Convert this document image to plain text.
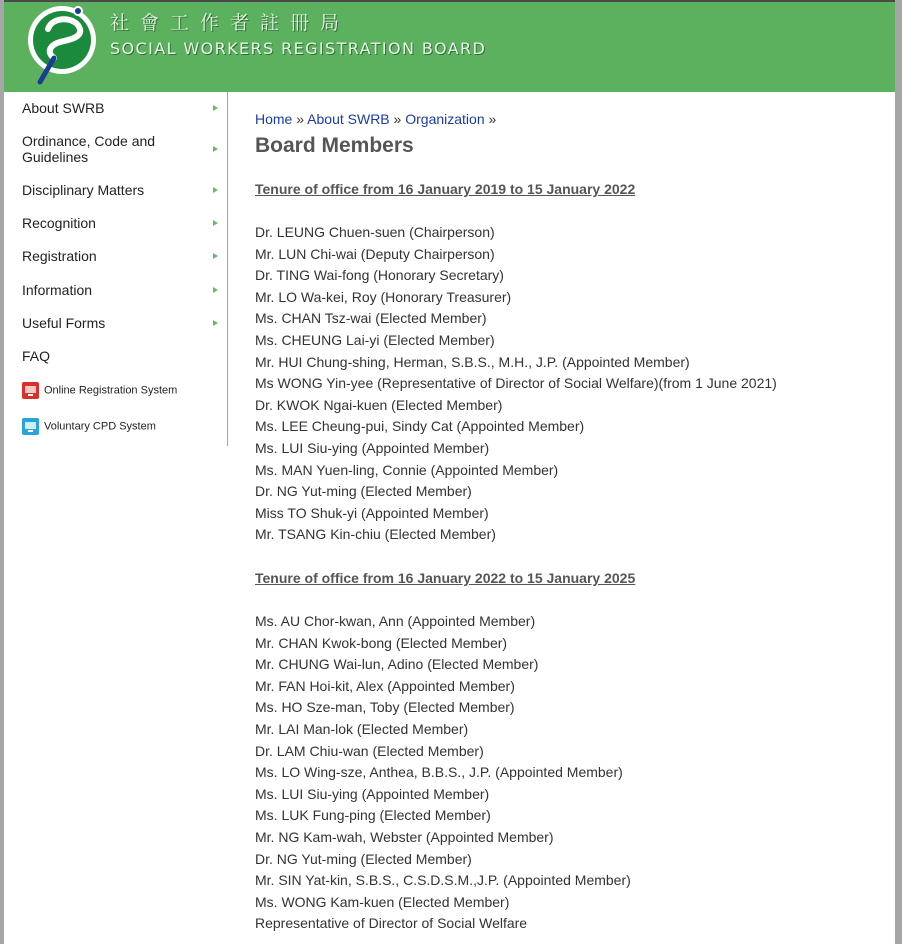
社會工作者註冊局
SOCIAL WORKERS REGISTRATION BOARD
About SWRB
Ordinance, Code and Guidelines
Disciplinary Matters
Recognition
Registration
Information
Useful Forms
FAQ
Online Registration System
Voluntary CPD System
Home » About SWRB » Organization »
Board Members
Tenure of office from 16 January 2019 to 15 January 2022
Dr. LEUNG Chuen-suen (Chairperson)
Mr. LUN Chi-wai (Deputy Chairperson)
Dr. TING Wai-fong (Honorary Secretary)
Mr. LO Wa-kei, Roy (Honorary Treasurer)
Ms. CHAN Tsz-wai (Elected Member)
Ms. CHEUNG Lai-yi (Elected Member)
Mr. HUI Chung-shing, Herman, S.B.S., M.H., J.P. (Appointed Member)
Ms WONG Yin-yee (Representative of Director of Social Welfare)(from 1 June 2021)
Dr. KWOK Ngai-kuen (Elected Member)
Ms. LEE Cheung-pui, Sindy Cat (Appointed Member)
Ms. LUI Siu-ying (Appointed Member)
Ms. MAN Yuen-ling, Connie (Appointed Member)
Dr. NG Yut-ming (Elected Member)
Miss TO Shuk-yi (Appointed Member)
Mr. TSANG Kin-chiu (Elected Member)
Tenure of office from 16 January 2022 to 15 January 2025
Ms. AU Chor-kwan, Ann (Appointed Member)
Mr. CHAN Kwok-bong (Elected Member)
Mr. CHUNG Wai-lun, Adino (Elected Member)
Mr. FAN Hoi-kit, Alex (Appointed Member)
Ms. HO Sze-man, Toby (Elected Member)
Mr. LAI Man-lok (Elected Member)
Dr. LAM Chiu-wan (Elected Member)
Ms. LO Wing-sze, Anthea, B.B.S., J.P. (Appointed Member)
Ms. LUI Siu-ying (Appointed Member)
Ms. LUK Fung-ping (Elected Member)
Mr. NG Kam-wah, Webster (Appointed Member)
Dr. NG Yut-ming (Elected Member)
Mr. SIN Yat-kin, S.B.S., C.S.D.S.M.,J.P. (Appointed Member)
Ms. WONG Kam-kuen (Elected Member)
Representative of Director of Social Welfare
